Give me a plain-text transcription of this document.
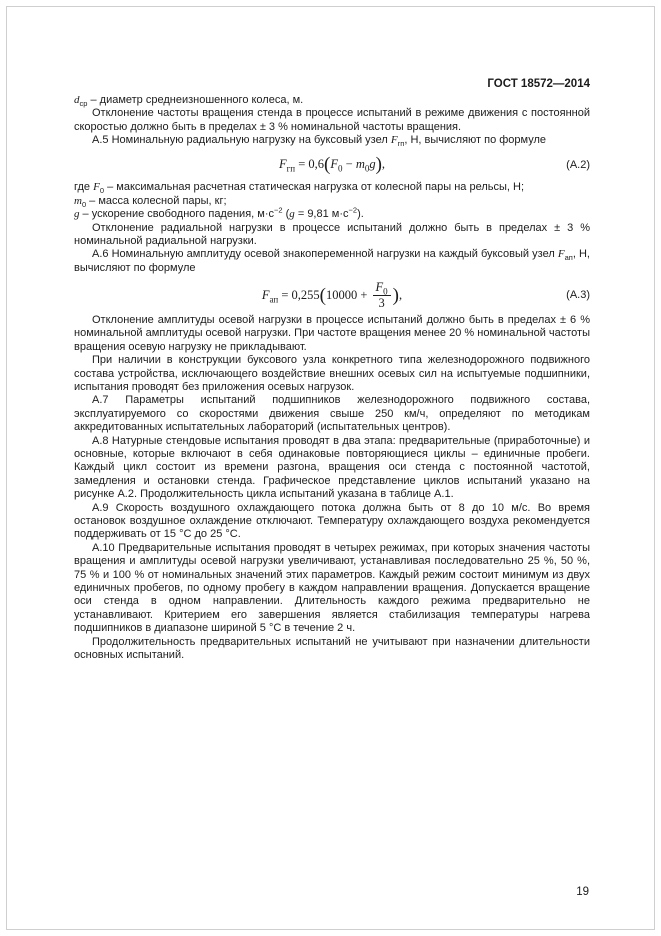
ГОСТ 18572—2014

$d_{ср}$ – диаметр среднеизношенного колеса, м.

Отклонение частоты вращения стенда в процессе испытаний в режиме движения с постоянной скоростью должно быть в пределах ± 3 % номинальной частоты вращения.

А.5 Номинальную радиальную нагрузку на буксовый узел $F_{гп}$, Н, вычисляют по формуле

$F_{гп} = 0,6(F_0 - m_0g)$,	(А.2)

где $F_0$ – максимальная расчетная статическая нагрузка от колесной пары на рельсы, Н;

$m_0$ – масса колесной пары, кг;

g – ускорение свободного падения, $м\cdot с^{-2}$ (g = 9,81 $м\cdot с^{-2}$).

Отклонение радиальной нагрузки в процессе испытаний должно быть в пределах ± 3 % номинальной радиальной нагрузки.

А.6 Номинальную амплитуду осевой знакопеременной нагрузки на каждый буксовый узел $F_{ап}$, Н, вычисляют по формуле

$F_{ап} = 0,255(10000 + \frac{F_0}{3}$ ),	(А.3)

Отклонение амплитуды осевой нагрузки в процессе испытаний должно быть в пределах ± 6 % номинальной амплитуды осевой нагрузки. При частоте вращения менее 20 % номинальной частоты вращения осевую нагрузку не прикладывают.

При наличии в конструкции буксового узла конкретного типа железнодорожного подвижного состава устройства, исключающего воздействие внешних осевых сил на испытуемые подшипники, испытания проводят без приложения осевых нагрузок.

А.7 Параметры испытаний подшипников железнодорожного подвижного состава, эксплуатируемого со скоростями движения свыше 250 км/ч, определяют по методикам аккредитованных испытательных лабораторий (испытательных центров).

А.8 Натурные стендовые испытания проводят в два этапа: предварительные (приработочные) и основные, которые включают в себя одинаковые повторяющиеся циклы – единичные пробеги. Каждый цикл состоит из времени разгона, вращения оси стенда с постоянной частотой, замедления и остановки стенда. Графическое представление циклов испытаний указано на рисунке А.2. Продолжительность цикла испытаний указана в таблице А.1.

А.9 Скорость воздушного охлаждающего потока должна быть от 8 до 10 м/с. Во время остановок воздушное охлаждение отключают. Температуру охлаждающего воздуха рекомендуется поддерживать от 15 °С до 25 °С.

А.10 Предварительные испытания проводят в четырех режимах, при которых значения частоты вращения и амплитуды осевой нагрузки увеличивают, устанавливая последовательно 25 %, 50 %, 75 % и 100 % от номинальных значений этих параметров. Каждый режим состоит минимум из двух единичных пробегов, по одному пробегу в каждом направлении вращения. Допускается вращение оси стенда в одном направлении. Длительность каждого режима предварительно не устанавливают. Критерием его завершения является стабилизация температуры нагрева подшипников в диапазоне шириной 5 °С в течение 2 ч.

Продолжительность предварительных испытаний не учитывают при назначении длительности основных испытаний.

19
